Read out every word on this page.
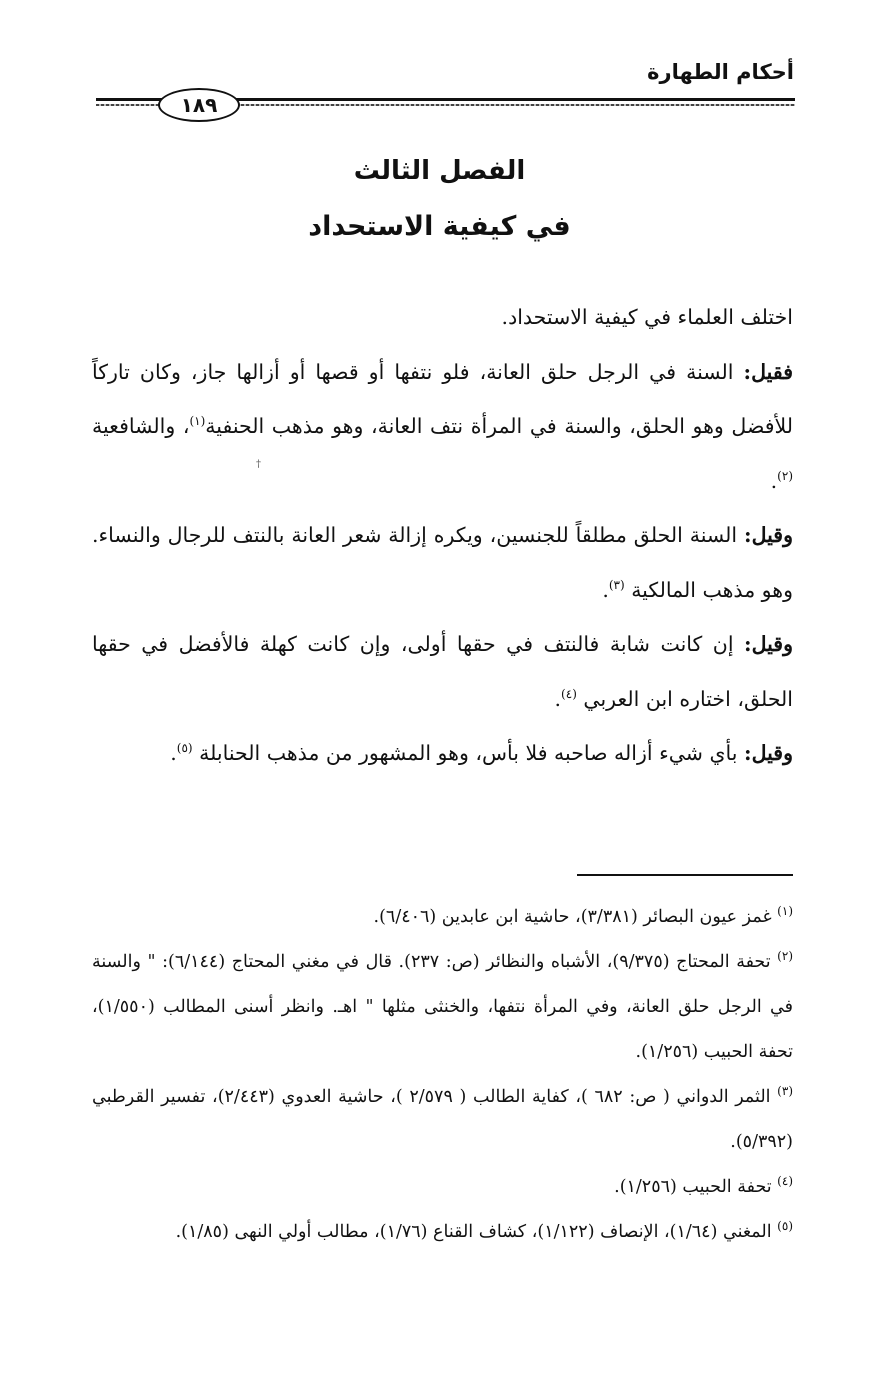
أحكام الطهارة
١٨٩
الفصل الثالث
في كيفية الاستحداد

اختلف العلماء في كيفية الاستحداد.

فقيل: السنة في الرجل حلق العانة، فلو نتفها أو قصها أو أزالها جاز، وكان تاركاً للأفضل وهو الحلق، والسنة في المرأة نتف العانة، وهو مذهب الحنفية$^{(١)}$، والشافعية $^{(٢)}$.

وقيل: السنة الحلق مطلقاً للجنسين، ويكره إزالة شعر العانة بالنتف للرجال والنساء. وهو مذهب المالكية $^{(٣)}$.

وقيل: إن كانت شابة فالنتف في حقها أولى، وإن كانت كهلة فالأفضل في حقها الحلق، اختاره ابن العربي $^{(٤)}$.

وقيل: بأي شيء أزاله صاحبه فلا بأس، وهو المشهور من مذهب الحنابلة $^{(٥)}$.

†

$^{(١)}$ غمز عيون البصائر (٣/٣٨١)، حاشية ابن عابدين (٦/٤٠٦).

$^{(٢)}$ تحفة المحتاج (٩/٣٧٥)، الأشباه والنظائر (ص: ٢٣٧). قال في مغني المحتاج (٦/١٤٤): " والسنة في الرجل حلق العانة، وفي المرأة نتفها، والخنثى مثلها " اهـ. وانظر أسنى المطالب (١/٥٥٠)، تحفة الحبيب (١/٢٥٦).

$^{(٣)}$ الثمر الدواني ( ص: ٦٨٢ )، كفاية الطالب ( ٢/٥٧٩ )، حاشية العدوي (٢/٤٤٣)، تفسير القرطبي (٥/٣٩٢).

$^{(٤)}$ تحفة الحبيب (١/٢٥٦).

$^{(٥)}$ المغني (١/٦٤)، الإنصاف (١/١٢٢)، كشاف القناع (١/٧٦)، مطالب أولي النهى (١/٨٥).
